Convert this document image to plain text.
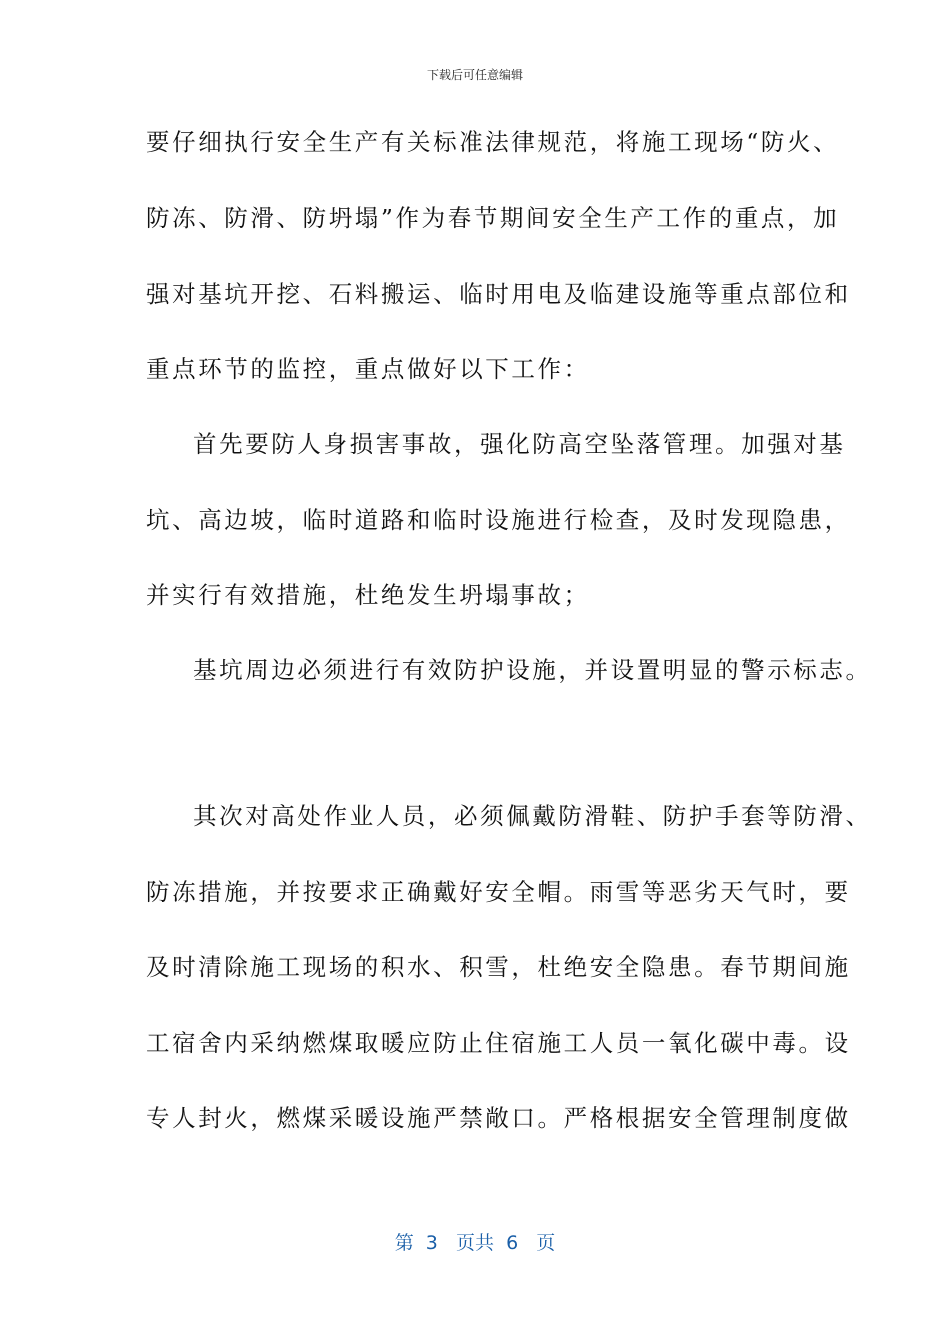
下载后可任意编辑
要仔细执行安全生产有关标准法律规范，将施工现场“防火、
防冻、防滑、防坍塌”作为春节期间安全生产工作的重点，加
强对基坑开挖、石料搬运、临时用电及临建设施等重点部位和
重点环节的监控，重点做好以下工作：
首先要防人身损害事故，强化防高空坠落管理。加强对基
坑、高边坡，临时道路和临时设施进行检查，及时发现隐患，
并实行有效措施，杜绝发生坍塌事故；
基坑周边必须进行有效防护设施，并设置明显的警示标志。
其次对高处作业人员，必须佩戴防滑鞋、防护手套等防滑、
防冻措施，并按要求正确戴好安全帽。雨雪等恶劣天气时，要
及时清除施工现场的积水、积雪，杜绝安全隐患。春节期间施
工宿舍内采纳燃煤取暖应防止住宿施工人员一氧化碳中毒。设
专人封火，燃煤采暖设施严禁敞口。严格根据安全管理制度做
第  3   页共  6   页
